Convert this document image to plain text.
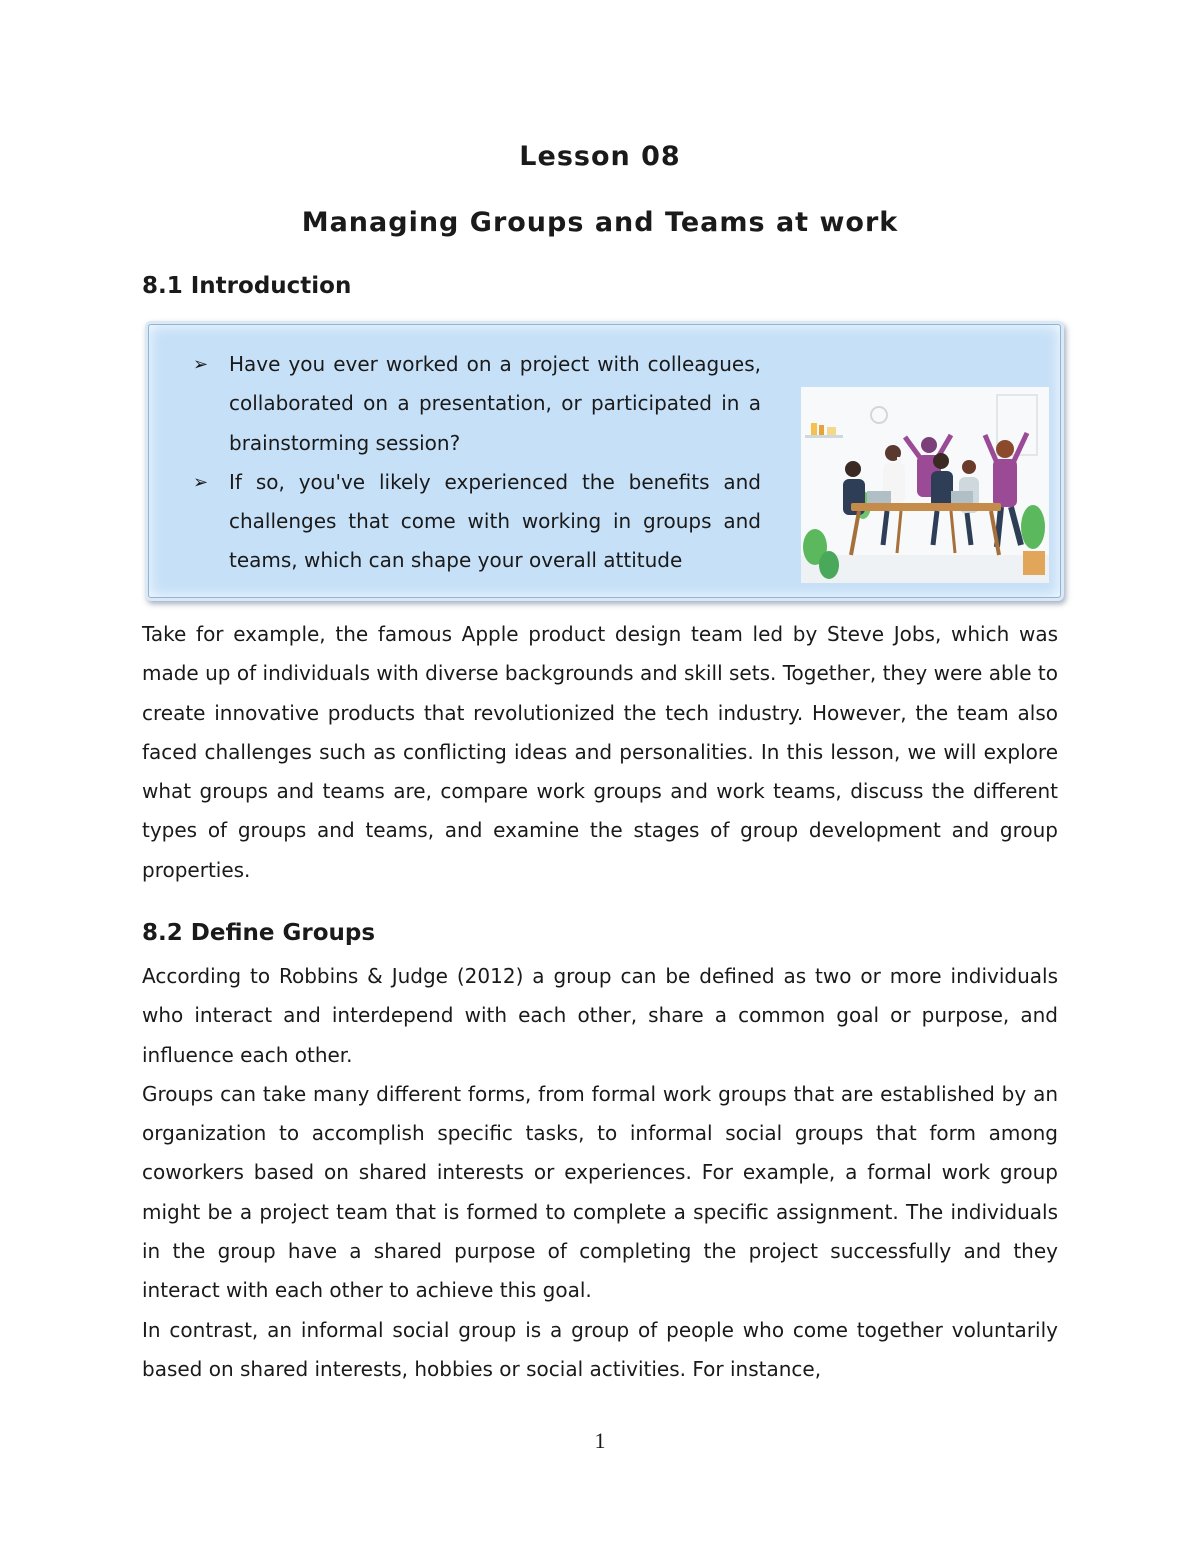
Lesson 08
Managing Groups and Teams at work
8.1 Introduction
➢ Have you ever worked on a project with colleagues, collaborated on a presentation, or participated in a brainstorming session?
➢ If so, you've likely experienced the benefits and challenges that come with working in groups and teams, which can shape your overall attitude

Take for example, the famous Apple product design team led by Steve Jobs, which was made up of individuals with diverse backgrounds and skill sets. Together, they were able to create innovative products that revolutionized the tech industry. However, the team also faced challenges such as conflicting ideas and personalities. In this lesson, we will explore what groups and teams are, compare work groups and work teams, discuss the different types of groups and teams, and examine the stages of group development and group properties.

8.2 Define Groups

According to Robbins & Judge (2012) a group can be defined as two or more individuals who interact and interdepend with each other, share a common goal or purpose, and influence each other.

Groups can take many different forms, from formal work groups that are established by an organization to accomplish specific tasks, to informal social groups that form among coworkers based on shared interests or experiences. For example, a formal work group might be a project team that is formed to complete a specific assignment. The individuals in the group have a shared purpose of completing the project successfully and they interact with each other to achieve this goal.

In contrast, an informal social group is a group of people who come together voluntarily based on shared interests, hobbies or social activities. For instance,

1
